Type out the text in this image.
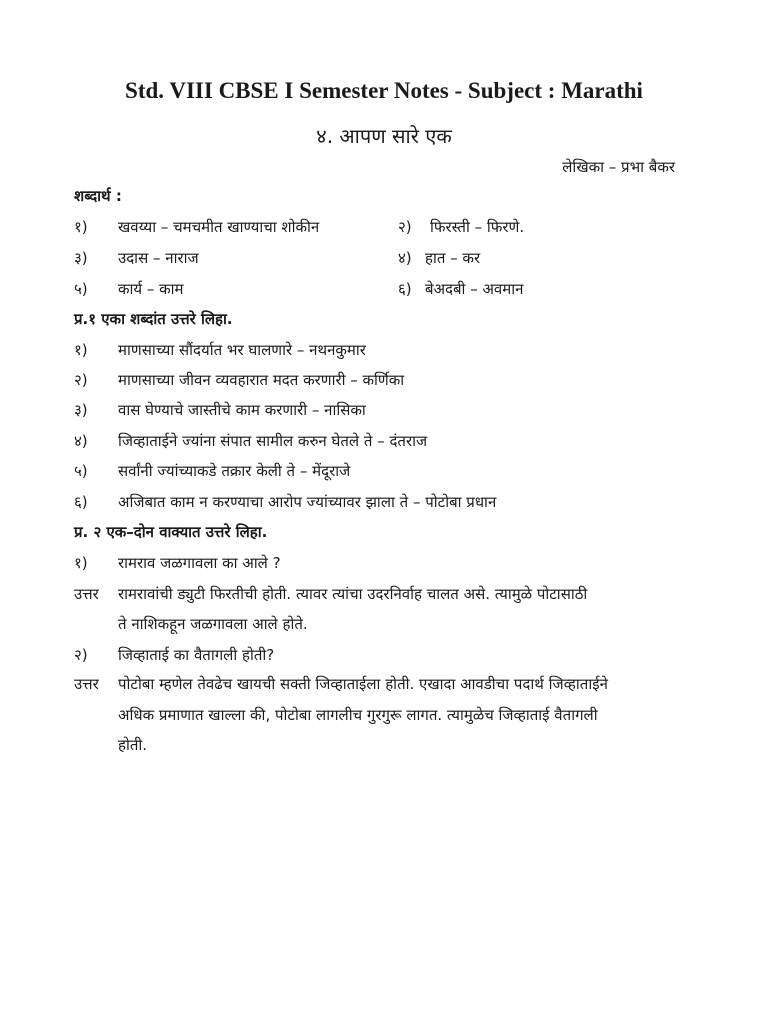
Std. VIII CBSE I Semester Notes - Subject : Marathi
४. आपण सारे एक
लेखिका – प्रभा बैकर
शब्दार्थ :
१) खवय्या – चमचमीत खाण्याचा शोकीन	२) फिरस्ती – फिरणे.
३) उदास – नाराज	४) हात – कर
५) कार्य – काम	६) बेअदबी – अवमान
प्र.१ एका शब्दांत उत्तरे लिहा.
१) माणसाच्या सौंदर्यात भर घालणारे – नथनकुमार
२) माणसाच्या जीवन व्यवहारात मदत करणारी – कर्णिका
३) वास घेण्याचे जास्तीचे काम करणारी – नासिका
४) जिव्हाताईने ज्यांना संपात सामील करुन घेतले ते – दंतराज
५) सर्वांनी ज्यांच्याकडे तक्रार केली ते – मेंदूराजे
६) अजिबात काम न करण्याचा आरोप ज्यांच्यावर झाला ते – पोटोबा प्रधान
प्र. २ एक–दोन वाक्यात उत्तरे लिहा.
१) रामराव जळगावला का आले ?
उत्तर रामरावांची ड्युटी फिरतीची होती. त्यावर त्यांचा उदरनिर्वाह चालत असे. त्यामुळे पोटासाठी
ते नाशिकहून जळगावला आले होते.
२) जिव्हाताई का वैतागली होती?
उत्तर पोटोबा म्हणेल तेवढेच खायची सक्ती जिव्हाताईला होती. एखादा आवडीचा पदार्थ जिव्हाताईने
अधिक प्रमाणात खाल्ला की, पोटोबा लागलीच गुरगुरू लागत. त्यामुळेच जिव्हाताई वैतागली
होती.
